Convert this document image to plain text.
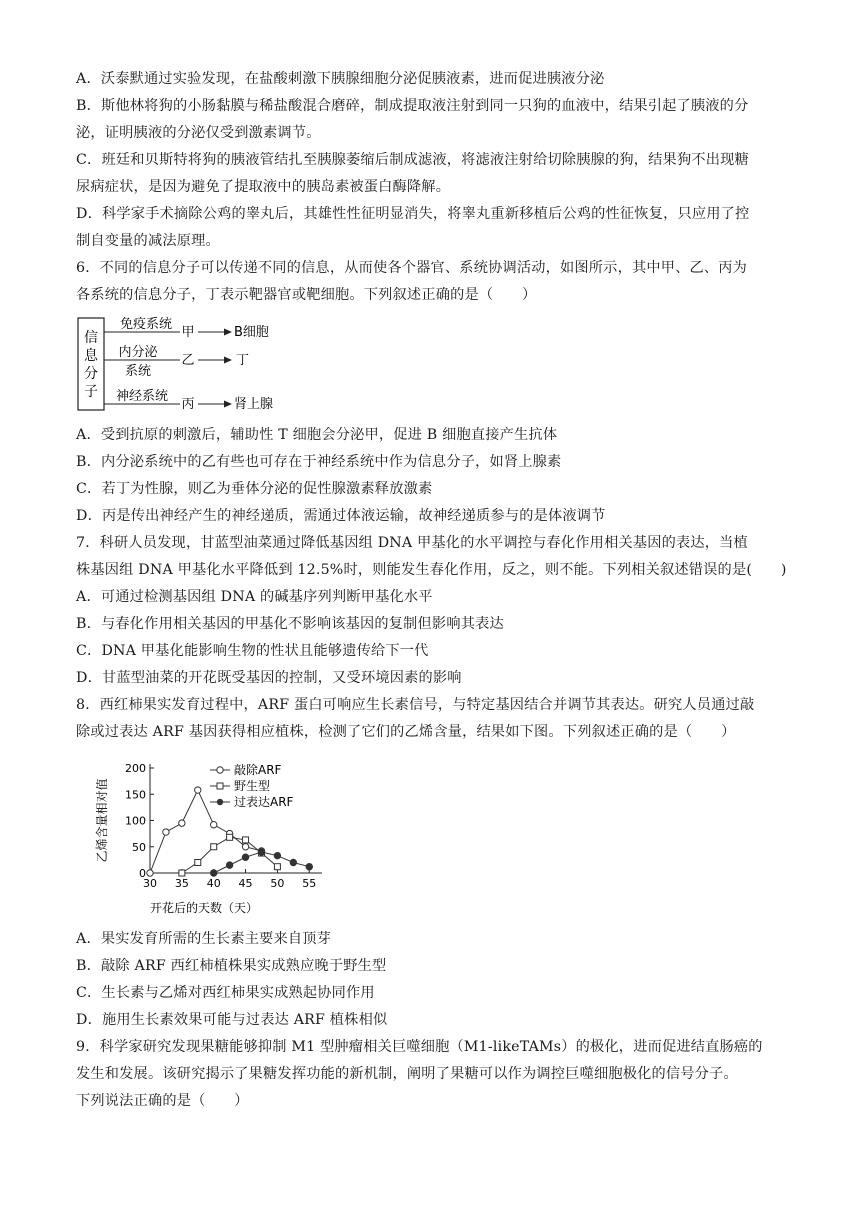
A．沃泰默通过实验发现，在盐酸刺激下胰腺细胞分泌促胰液素，进而促进胰液分泌
B．斯他林将狗的小肠黏膜与稀盐酸混合磨碎，制成提取液注射到同一只狗的血液中，结果引起了胰液的分
泌，证明胰液的分泌仅受到激素调节。
C．班廷和贝斯特将狗的胰液管结扎至胰腺萎缩后制成滤液，将滤液注射给切除胰腺的狗，结果狗不出现糖
尿病症状，是因为避免了提取液中的胰岛素被蛋白酶降解。
D．科学家手术摘除公鸡的睾丸后，其雄性性征明显消失，将睾丸重新移植后公鸡的性征恢复，只应用了控
制自变量的减法原理。
6．不同的信息分子可以传递不同的信息，从而使各个器官、系统协调活动，如图所示，其中甲、乙、丙为
各系统的信息分子，丁表示靶器官或靶细胞。下列叙述正确的是（　　）
信
息
分
子
免疫系统
甲	B细胞
内分泌
系统
乙	丁
神经系统
丙	肾上腺
A．受到抗原的刺激后，辅助性 T 细胞会分泌甲，促进 B 细胞直接产生抗体
B．内分泌系统中的乙有些也可存在于神经系统中作为信息分子，如肾上腺素
C．若丁为性腺，则乙为垂体分泌的促性腺激素释放激素
D．丙是传出神经产生的神经递质，需通过体液运输，故神经递质参与的是体液调节
7．科研人员发现，甘蓝型油菜通过降低基因组 DNA 甲基化的水平调控与春化作用相关基因的表达，当植
株基因组 DNA 甲基化水平降低到 12.5%时，则能发生春化作用，反之，则不能。下列相关叙述错误的是(　　)
A．可通过检测基因组 DNA 的碱基序列判断甲基化水平
B．与春化作用相关基因的甲基化不影响该基因的复制但影响其表达
C．DNA 甲基化能影响生物的性状且能够遗传给下一代
D．甘蓝型油菜的开花既受基因的控制，又受环境因素的影响
8．西红柿果实发育过程中，ARF 蛋白可响应生长素信号，与特定基因结合并调节其表达。研究人员通过敲
除或过表达 ARF 基因获得相应植株，检测了它们的乙烯含量，结果如下图。下列叙述正确的是（　　）
0
50
100
150
200
30 35 40 45 50 55
敲除ARF
野生型
过表达ARF
乙烯含量相对值
开花后的天数（天）
A．果实发育所需的生长素主要来自顶芽
B．敲除 ARF 西红柿植株果实成熟应晚于野生型
C．生长素与乙烯对西红柿果实成熟起协同作用
D．施用生长素效果可能与过表达 ARF 植株相似
9．科学家研究发现果糖能够抑制 M1 型肿瘤相关巨噬细胞（M1-likeTAMs）的极化，进而促进结直肠癌的
发生和发展。该研究揭示了果糖发挥功能的新机制，阐明了果糖可以作为调控巨噬细胞极化的信号分子。
下列说法正确的是（　　）
